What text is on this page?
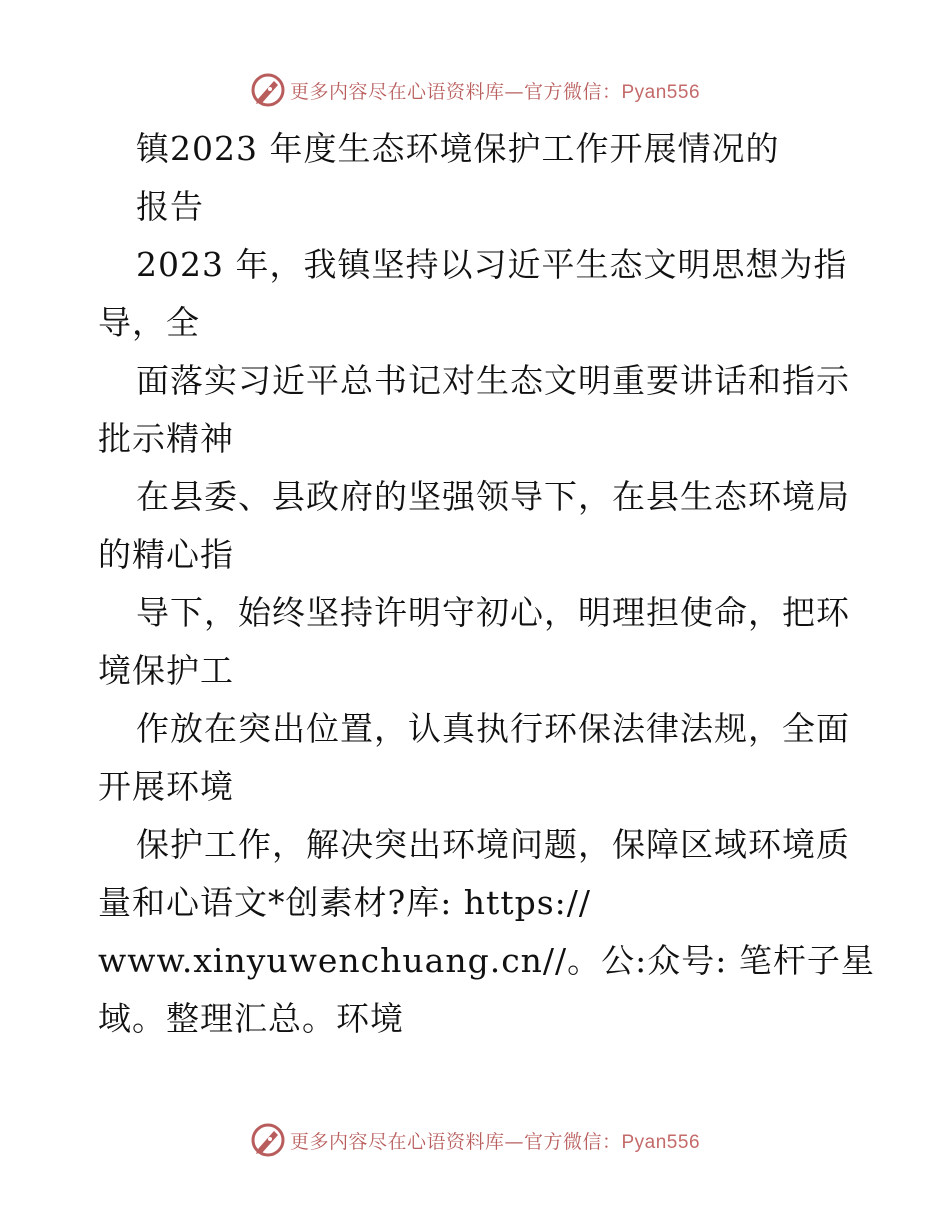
更多内容尽在心语资料库—官方微信：Pyan556
镇2023 年度生态环境保护工作开展情况的
报告
2023 年，我镇坚持以习近平生态文明思想为指
导，全
面落实习近平总书记对生态文明重要讲话和指示
批示精神
在县委、县政府的坚强领导下，在县生态环境局
的精心指
导下，始终坚持许明守初心，明理担使命，把环
境保护工
作放在突出位置，认真执行环保法律法规，全面
开展环境
保护工作，解决突出环境问题，保障区域环境质
量和心语文*创素材?库: https://
www.xinyuwenchuang.cn//。公:众号: 笔杆子星
域。整理汇总。环境
更多内容尽在心语资料库—官方微信：Pyan556
